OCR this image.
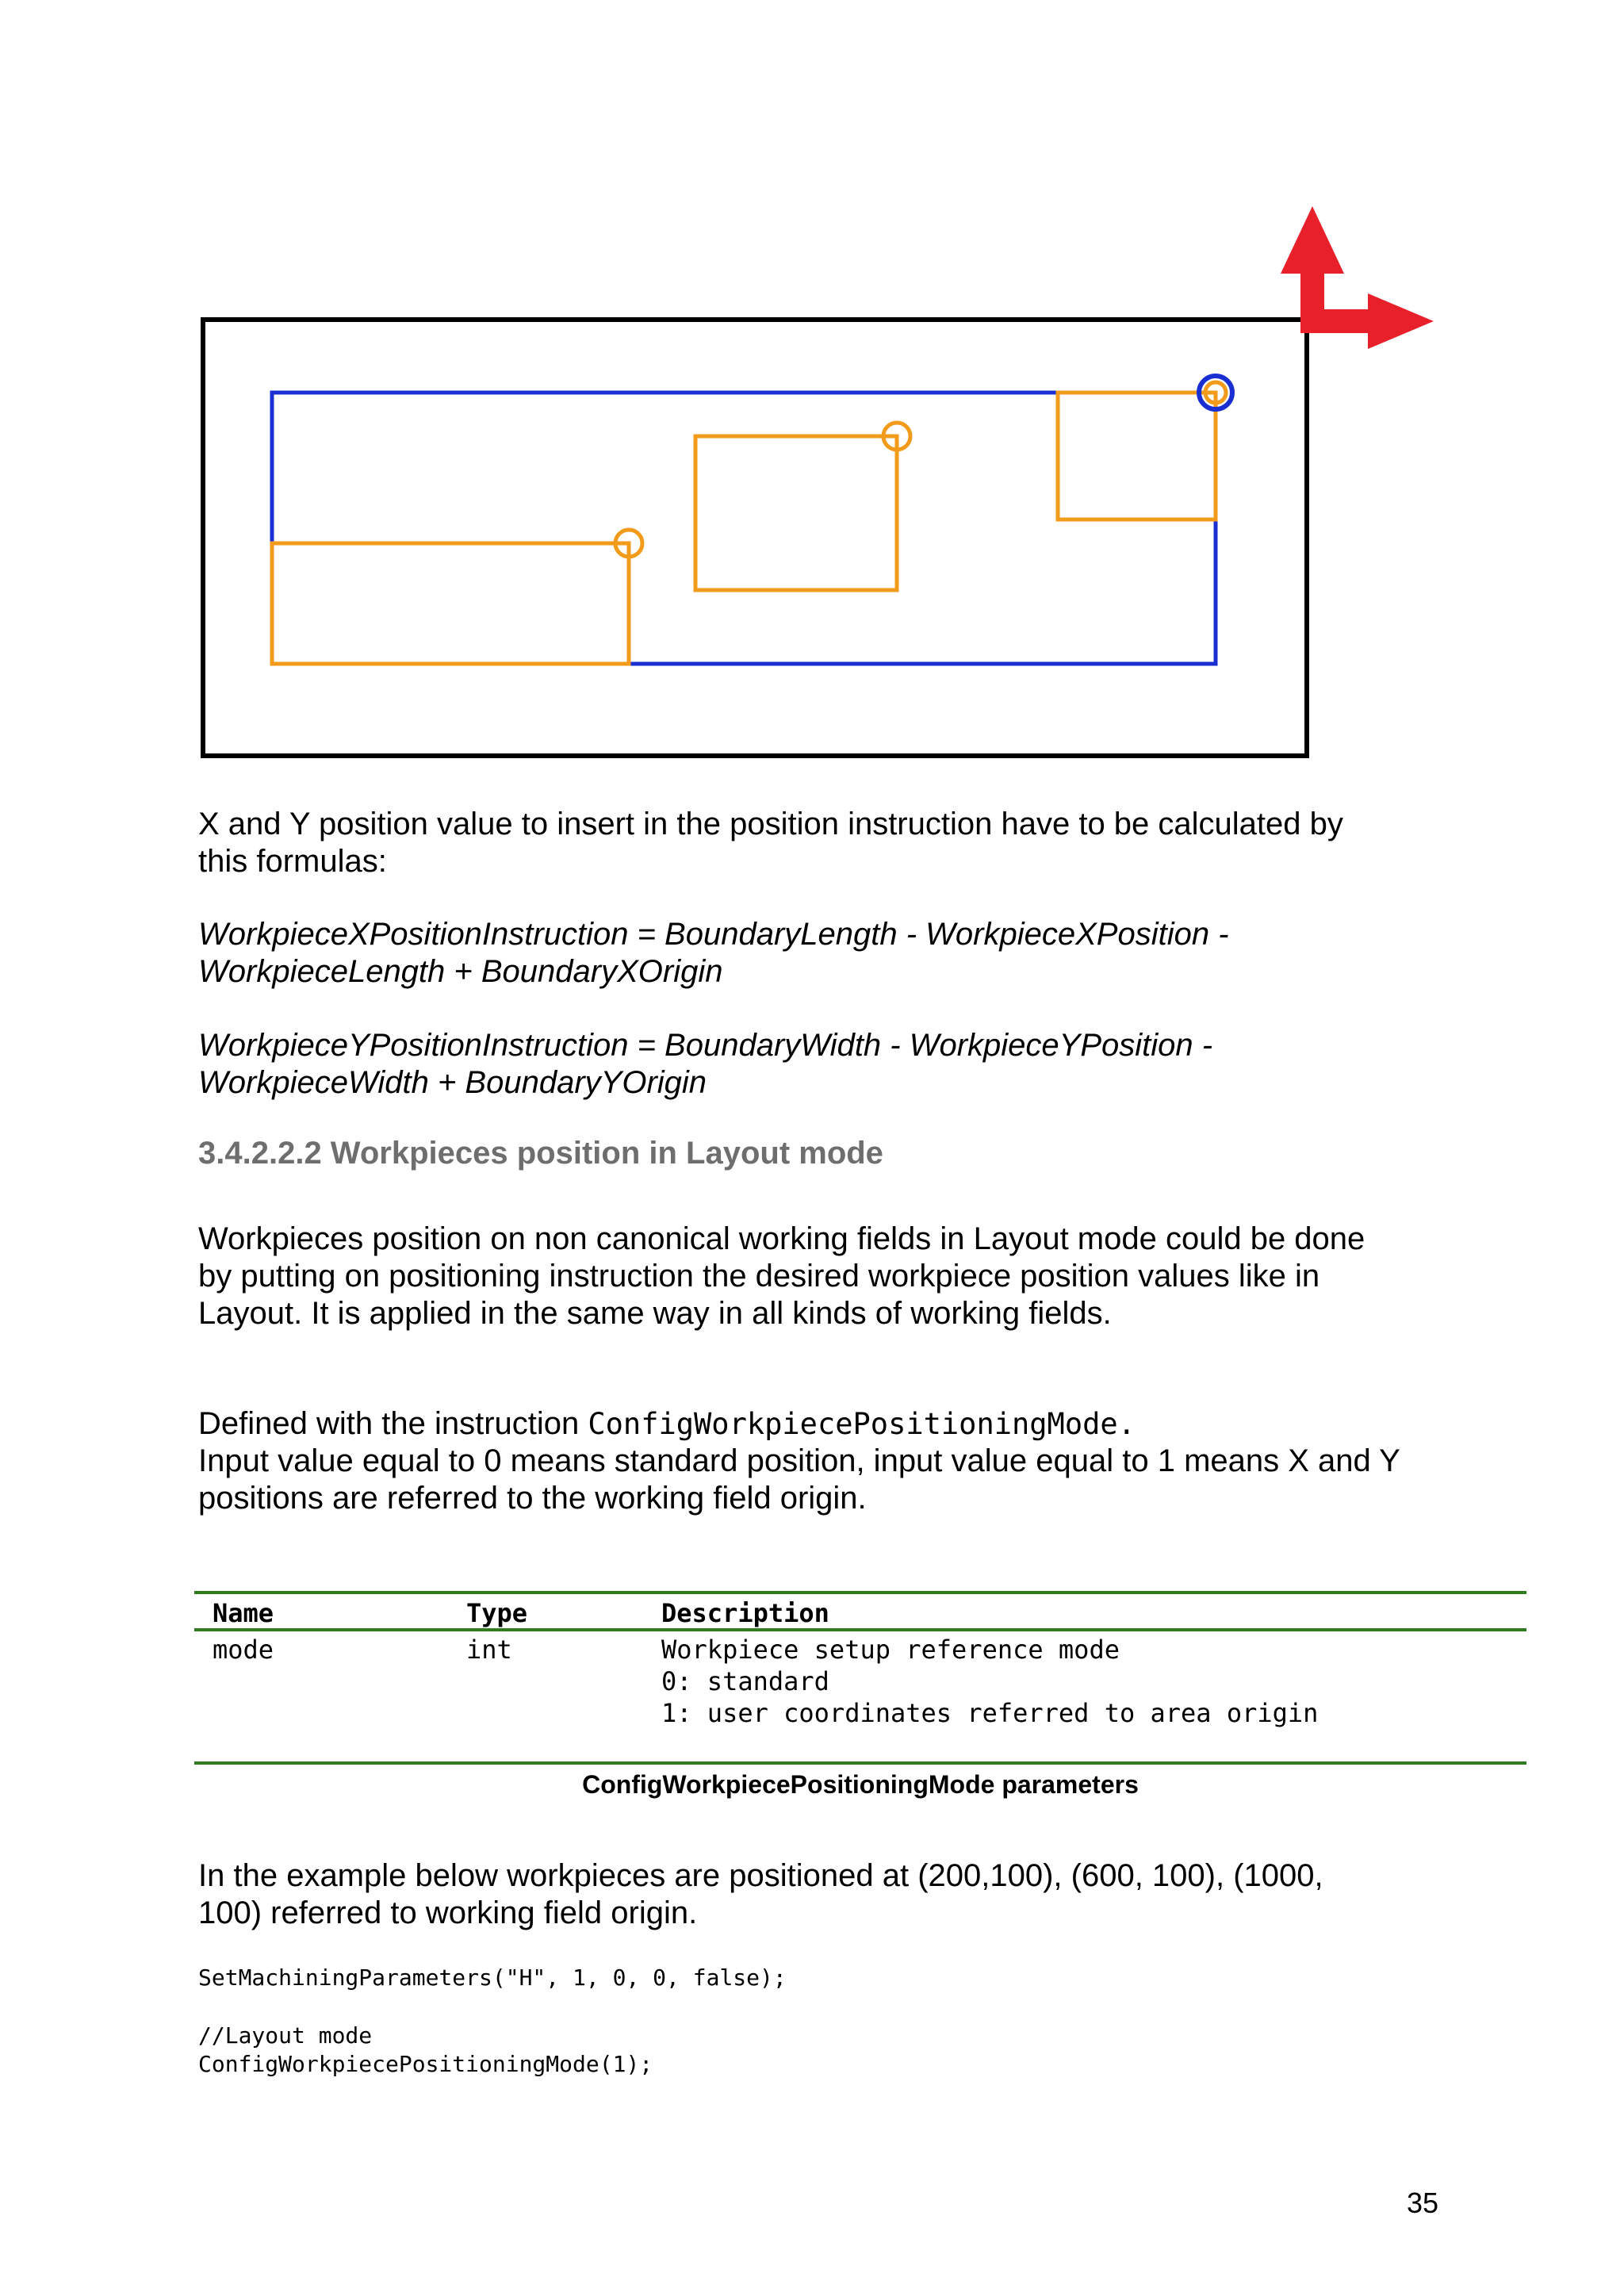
X and Y position value to insert in the position instruction have to be calculated by
this formulas:
WorkpieceXPositionInstruction = BoundaryLength - WorkpieceXPosition -
WorkpieceLength + BoundaryXOrigin
WorkpieceYPositionInstruction = BoundaryWidth - WorkpieceYPosition -
WorkpieceWidth + BoundaryYOrigin
3.4.2.2.2 Workpieces position in Layout mode
Workpieces position on non canonical working fields in Layout mode could be done
by putting on positioning instruction the desired workpiece position values like in
Layout. It is applied in the same way in all kinds of working fields.
Defined with the instruction ConfigWorkpiecePositioningMode.
Input value equal to 0 means standard position, input value equal to 1 means X and Y
positions are referred to the working field origin.
Name	Type	Description
mode	int	Workpiece setup reference mode
0: standard
1: user coordinates referred to area origin
ConfigWorkpiecePositioningMode parameters
In the example below workpieces are positioned at (200,100), (600, 100), (1000,
100) referred to working field origin.
SetMachiningParameters("H", 1, 0, 0, false);
//Layout mode
ConfigWorkpiecePositioningMode(1);
35
